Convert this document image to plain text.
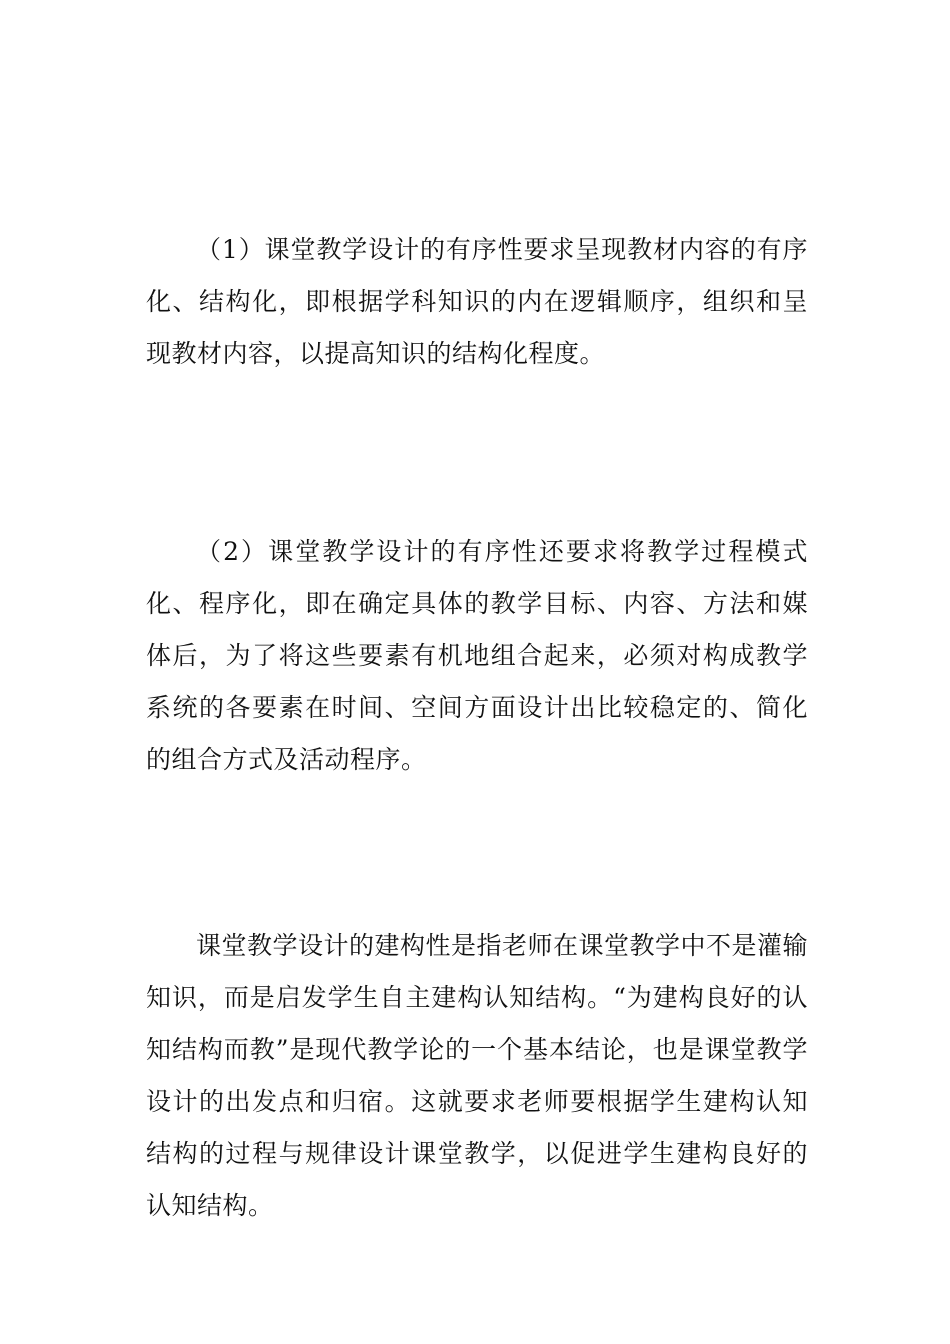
（1）课堂教学设计的有序性要求呈现教材内容的有序化、结构化，即根据学科知识的内在逻辑顺序，组织和呈现教材内容，以提高知识的结构化程度。

（2）课堂教学设计的有序性还要求将教学过程模式化、程序化，即在确定具体的教学目标、内容、方法和媒体后，为了将这些要素有机地组合起来，必须对构成教学系统的各要素在时间、空间方面设计出比较稳定的、简化的组合方式及活动程序。

课堂教学设计的建构性是指老师在课堂教学中不是灌输知识，而是启发学生自主建构认知结构。“为建构良好的认知结构而教”是现代教学论的一个基本结论，也是课堂教学设计的出发点和归宿。这就要求老师要根据学生建构认知结构的过程与规律设计课堂教学，以促进学生建构良好的认知结构。
